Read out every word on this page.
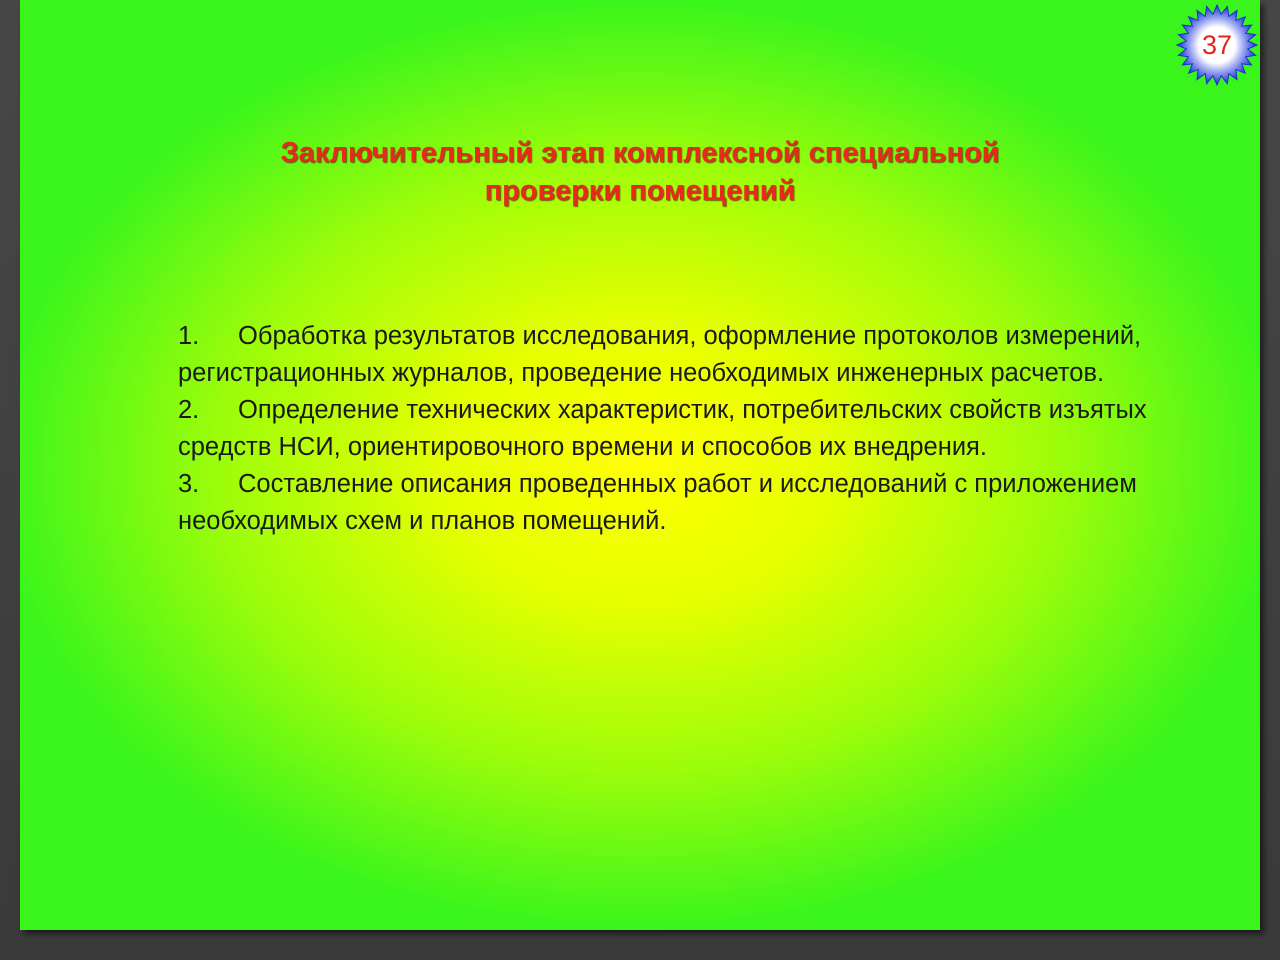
37
Заключительный этап комплексной специальной
проверки помещений

1. Обработка результатов исследования, оформление протоколов измерений, регистрационных журналов, проведение необходимых инженерных расчетов.

2. Определение технических характеристик, потребительских свойств изъятых средств НСИ, ориентировочного времени и способов их внедрения.

3. Составление описания проведенных работ и исследований с приложением необходимых схем и планов помещений.
